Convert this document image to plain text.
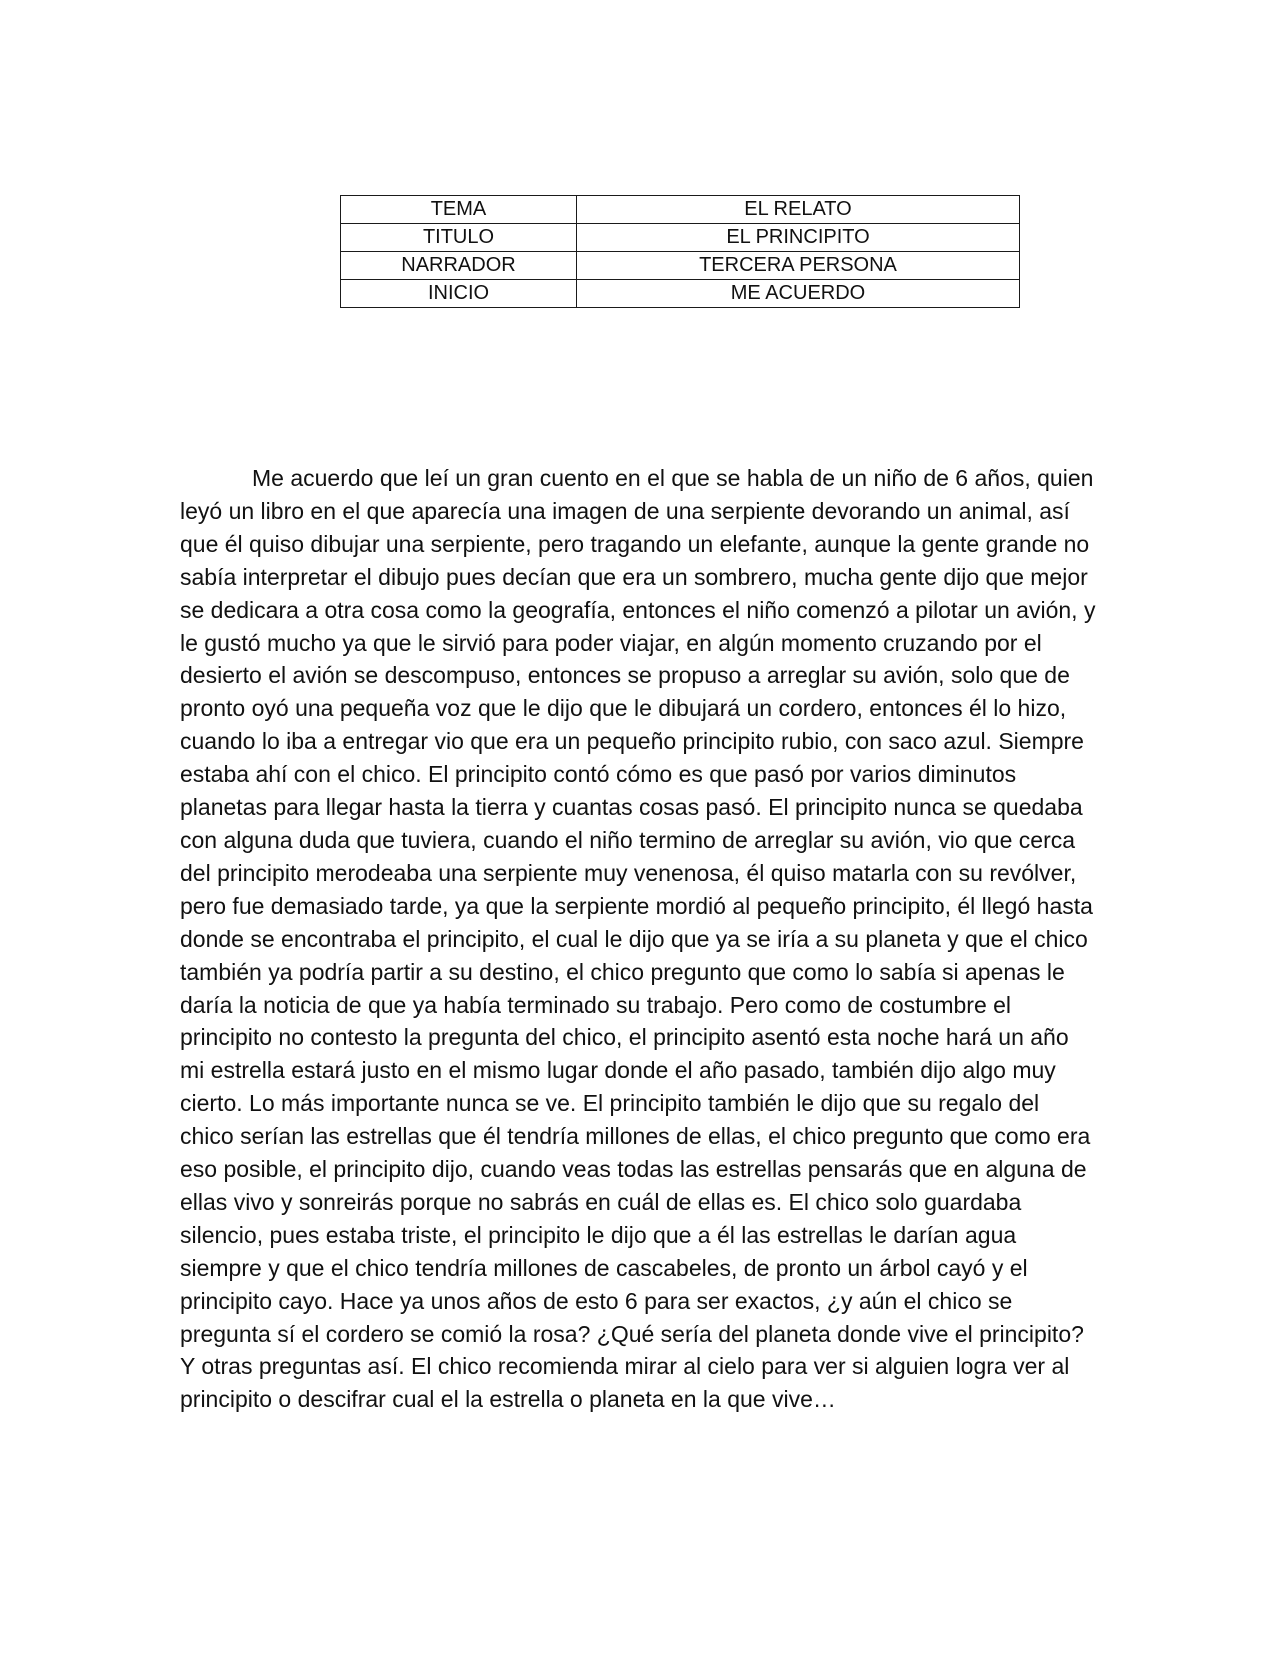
TEMA	EL RELATO
TITULO	EL PRINCIPITO
NARRADOR	TERCERA PERSONA
INICIO	ME ACUERDO

Me acuerdo que leí un gran cuento en el que se habla de un niño de 6 años, quien leyó un libro en el que aparecía una imagen de una serpiente devorando un animal, así que él quiso dibujar una serpiente, pero tragando un elefante, aunque la gente grande no sabía interpretar el dibujo pues decían que era un sombrero, mucha gente dijo que mejor se dedicara a otra cosa como la geografía, entonces el niño comenzó a pilotar un avión, y le gustó mucho ya que le sirvió para poder viajar, en algún momento cruzando por el desierto el avión se descompuso, entonces se propuso a arreglar su avión, solo que de pronto oyó una pequeña voz que le dijo que le dibujará un cordero, entonces él lo hizo, cuando lo iba a entregar vio que era un pequeño principito rubio, con saco azul. Siempre estaba ahí con el chico. El principito contó cómo es que pasó por varios diminutos planetas para llegar hasta la tierra y cuantas cosas pasó. El principito nunca se quedaba con alguna duda que tuviera, cuando el niño termino de arreglar su avión, vio que cerca del principito merodeaba una serpiente muy venenosa, él quiso matarla con su revólver, pero fue demasiado tarde, ya que la serpiente mordió al pequeño principito, él llegó hasta donde se encontraba el principito, el cual le dijo que ya se iría a su planeta y que el chico también ya podría partir a su destino, el chico pregunto que como lo sabía si apenas le daría la noticia de que ya había terminado su trabajo. Pero como de costumbre el principito no contesto la pregunta del chico, el principito asentó esta noche hará un año mi estrella estará justo en el mismo lugar donde el año pasado, también dijo algo muy cierto. Lo más importante nunca se ve. El principito también le dijo que su regalo del chico serían las estrellas que él tendría millones de ellas, el chico pregunto que como era eso posible, el principito dijo, cuando veas todas las estrellas pensarás que en alguna de ellas vivo y sonreirás porque no sabrás en cuál de ellas es. El chico solo guardaba silencio, pues estaba triste, el principito le dijo que a él las estrellas le darían agua siempre y que el chico tendría millones de cascabeles, de pronto un árbol cayó y el principito cayo. Hace ya unos años de esto 6 para ser exactos, ¿y aún el chico se pregunta sí el cordero se comió la rosa? ¿Qué sería del planeta donde vive el principito? Y otras preguntas así. El chico recomienda mirar al cielo para ver si alguien logra ver al principito o descifrar cual el la estrella o planeta en la que vive…
